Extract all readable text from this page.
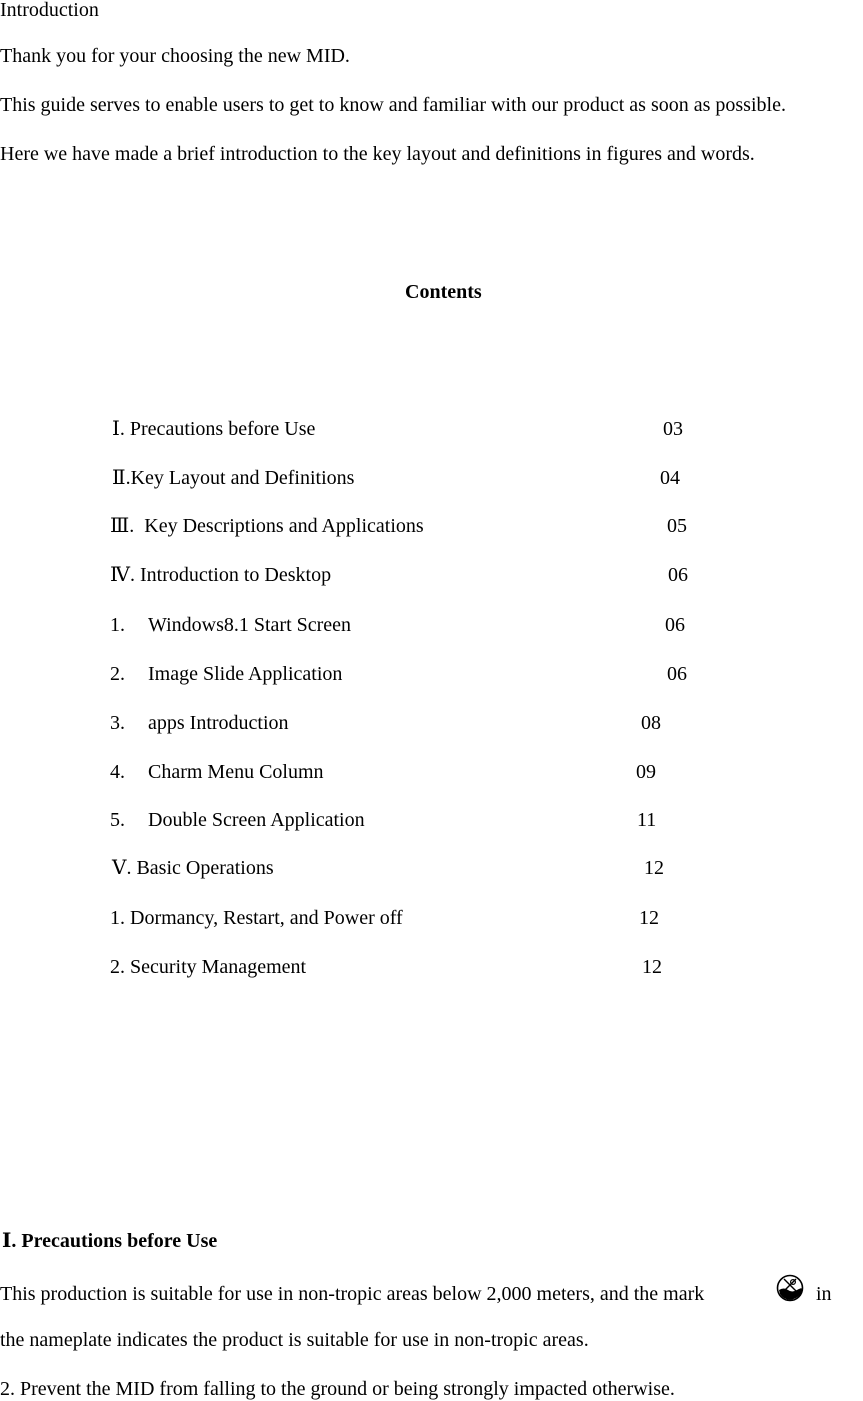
Introduction
Thank you for your choosing the new MID.
This guide serves to enable users to get to know and familiar with our product as soon as possible.
Here we have made a brief introduction to the key layout and definitions in figures and words.
Contents
Ⅰ. Precautions before Use	03
Ⅱ.Key Layout and Definitions	04
Ⅲ.  Key Descriptions and Applications	05
Ⅳ. Introduction to Desktop	06
1. Windows8.1 Start Screen	06
2. Image Slide Application	06
3. apps Introduction	08
4. Charm Menu Column	09
5. Double Screen Application	11
Ⅴ. Basic Operations	12
1. Dormancy, Restart, and Power off	12
2. Security Management	12
Ⅰ. Precautions before Use
This production is suitable for use in non-tropic areas below 2,000 meters, and the mark	in
the nameplate indicates the product is suitable for use in non-tropic areas.
2. Prevent the MID from falling to the ground or being strongly impacted otherwise.
